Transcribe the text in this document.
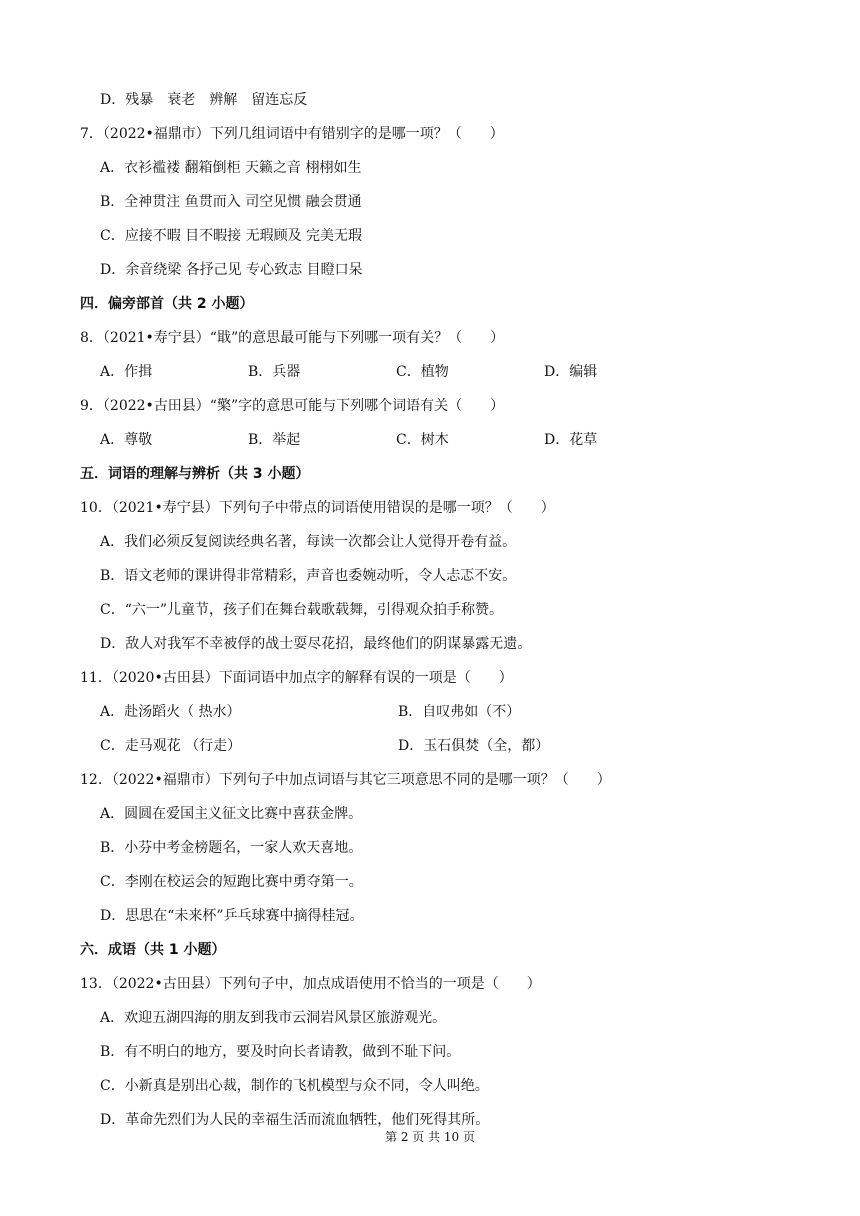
D．残暴　衰老　辨解　留连忘反
7．（2022•福鼎市）下列几组词语中有错别字的是哪一项？（　　）
A．衣衫褴褛 翻箱倒柜 天籁之音 栩栩如生
B．全神贯注 鱼贯而入 司空见惯 融会贯通
C．应接不暇 目不暇接 无瑕顾及 完美无瑕
D．余音绕梁 各抒己见 专心致志 目瞪口呆
四．偏旁部首（共 2 小题）
8．（2021•寿宁县）“戢”的意思最可能与下列哪一项有关？（　　）
9．（2022•古田县）“檠”字的意思可能与下列哪个词语有关（　　）
五．词语的理解与辨析（共 3 小题）
10．（2021•寿宁县）下列句子中带点的词语使用错误的是哪一项？（　　）
A．我们必须反复阅读经典名著，每读一次都会让人觉得开卷有益。
B．语文老师的课讲得非常精彩，声音也委婉动听，令人忐忑不安。
C．“六一”儿童节，孩子们在舞台载歌载舞，引得观众拍手称赞。
D．敌人对我军不幸被俘的战士耍尽花招，最终他们的阴谋暴露无遗。
11．（2020•古田县）下面词语中加点字的解释有误的一项是（　　）
A．赴汤蹈火（ 热水）	B．自叹弗如（不）
C．走马观花 （行走）	D．玉石俱焚（全，都）
12．（2022•福鼎市）下列句子中加点词语与其它三项意思不同的是哪一项？（　　）
A．圆圆在爱国主义征文比赛中喜获金牌。
B．小芬中考金榜题名，一家人欢天喜地。
C．李刚在校运会的短跑比赛中勇夺第一。
D．思思在“未来杯”乒乓球赛中摘得桂冠。
六．成语（共 1 小题）
13．（2022•古田县）下列句子中，加点成语使用不恰当的一项是（　　）
A．欢迎五湖四海的朋友到我市云洞岩风景区旅游观光。
B．有不明白的地方，要及时向长者请教，做到不耻下问。
C．小新真是别出心裁，制作的飞机模型与众不同，令人叫绝。
D．革命先烈们为人民的幸福生活而流血牺牲，他们死得其所。
A．作揖	B．兵器	C．植物	D．编辑
A．尊敬	B．举起	C．树木	D．花草
第 2 页 共 10 页
